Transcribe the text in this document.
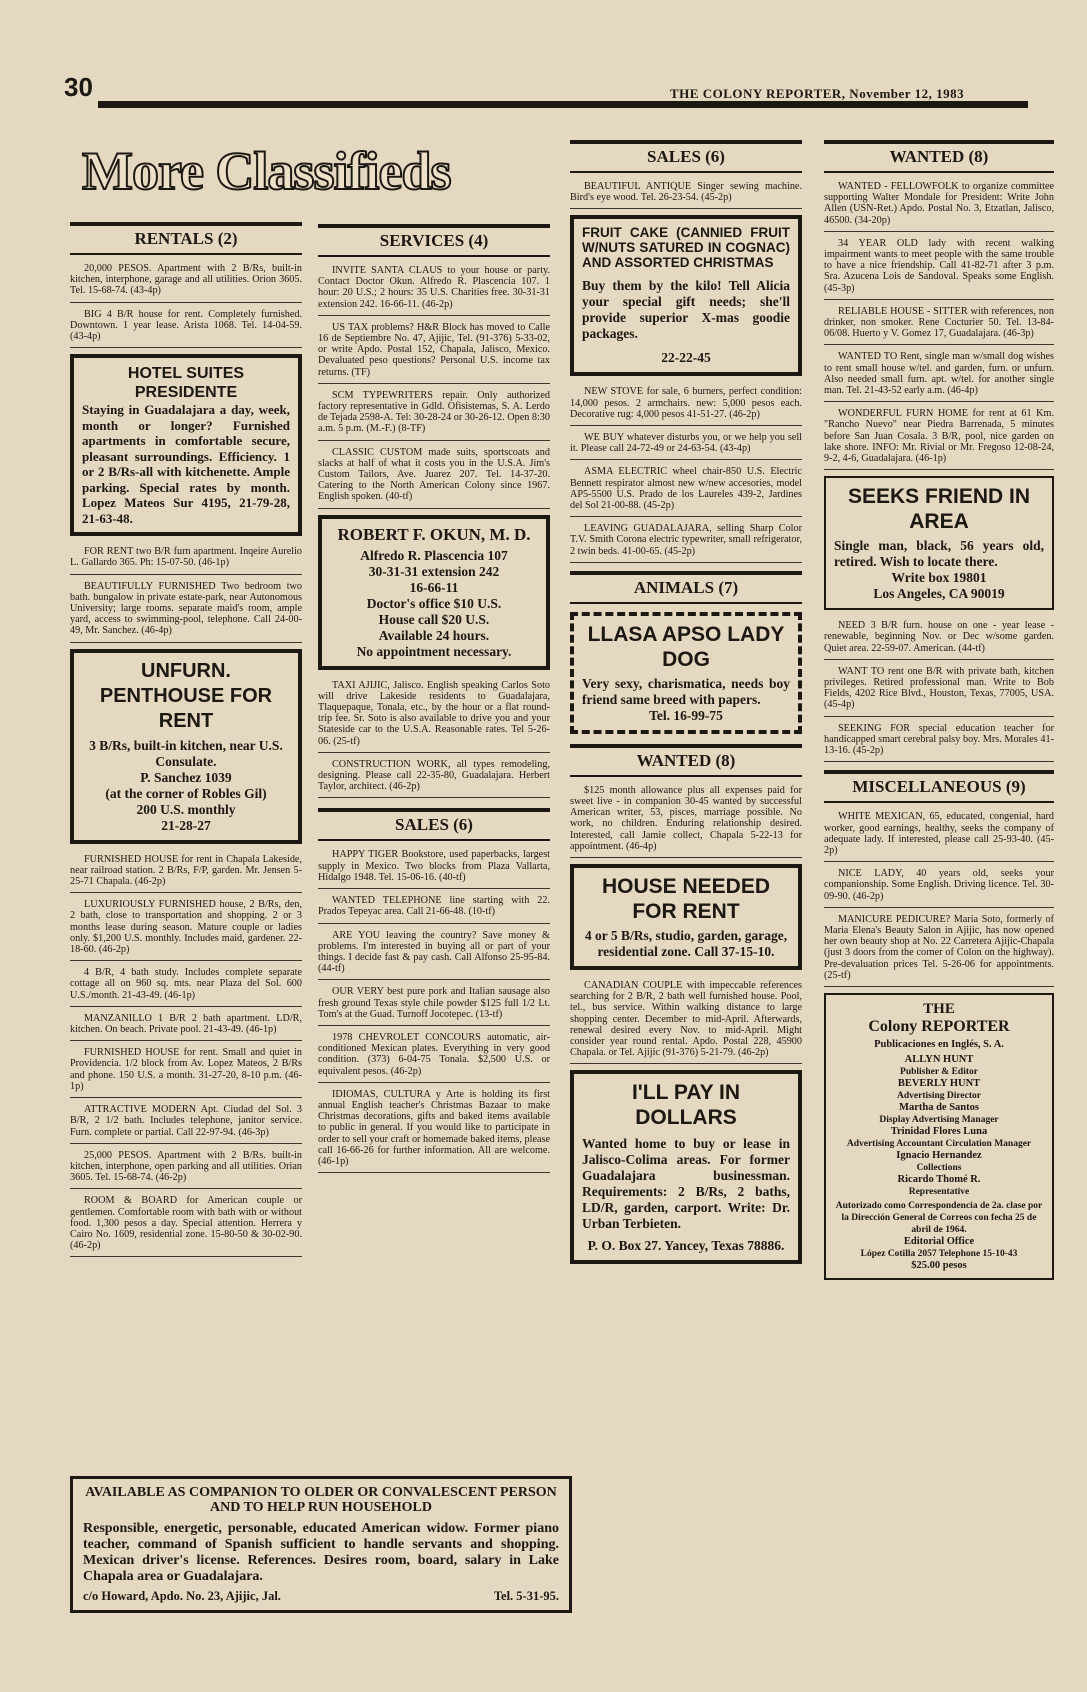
30	THE COLONY REPORTER, November 12, 1983
More Classifieds
RENTALS (2)
20,000 PESOS. Apartment with 2 B/Rs, built-in kitchen, interphone, garage and all utilities. Orion 3605. Tel. 15-68-74. (43-4p)
BIG 4 B/R house for rent. Completely furnished. Downtown. 1 year lease. Arista 1068. Tel. 14-04-59. (43-4p)
HOTEL SUITES PRESIDENTE
Staying in Guadalajara a day, week, month or longer? Furnished apartments in comfortable secure, pleasant surroundings. Efficiency. 1 or 2 B/Rs-all with kitchenette. Ample parking. Special rates by month. Lopez Mateos Sur 4195, 21-79-28, 21-63-48.
FOR RENT two B/R furn apartment. Inqeire Aurelio L. Gallardo 365. Ph: 15-07-50. (46-1p)
BEAUTIFULLY FURNISHED Two bedroom two bath. bungalow in private estate-park, near Autonomous University; large rooms. separate maid's room, ample yard, access to swimming-pool, telephone. Call 24-00-49, Mr. Sanchez. (46-4p)
UNFURN. PENTHOUSE FOR RENT
3 B/Rs, built-in kitchen, near U.S. Consulate.
P. Sanchez 1039
(at the corner of Robles Gil)
200 U.S. monthly
21-28-27
FURNISHED HOUSE for rent in Chapala Lakeside, near railroad station. 2 B/Rs, F/P, garden. Mr. Jensen 5-25-71 Chapala. (46-2p)
LUXURIOUSLY FURNISHED house, 2 B/Rs, den, 2 bath, close to transportation and shopping. 2 or 3 months lease during season. Mature couple or ladies only. $1,200 U.S. monthly. Includes maid, gardener. 22-18-60. (46-2p)
4 B/R, 4 bath study. Includes complete separate cottage all on 960 sq. mts. near Plaza del Sol. 600 U.S./month. 21-43-49. (46-1p)
MANZANILLO 1 B/R 2 bath apartment. LD/R, kitchen. On beach. Private pool. 21-43-49. (46-1p)
FURNISHED HOUSE for rent. Small and quiet in Providencia. 1/2 block from Av. Lopez Mateos, 2 B/Rs and phone. 150 U.S. a month. 31-27-20, 8-10 p.m. (46-1p)
ATTRACTIVE MODERN Apt. Ciudad del Sol. 3 B/R, 2 1/2 bath. Includes telephone, janitor service. Furn. complete or partial. Call 22-97-94. (46-3p)
25,000 PESOS. Apartment with 2 B/Rs. built-in kitchen, interphone, open parking and all utilities. Orian 3605. Tel. 15-68-74. (46-2p)
ROOM & BOARD for American couple or gentlemen. Comfortable room with bath with or without food. 1,300 pesos a day. Special attention. Herrera y Cairo No. 1609, residential zone. 15-80-50 & 30-02-90. (46-2p)
SERVICES (4)
INVITE SANTA CLAUS to your house or party. Contact Doctor Okun. Alfredo R. Plascencia 107. 1 hour: 20 U.S.; 2 hours: 35 U.S. Charities free. 30-31-31 extension 242. 16-66-11. (46-2p)
US TAX problems? H&R Block has moved to Calle 16 de Septiembre No. 47, Ajijic, Tel. (91-376) 5-33-02, or write Apdo. Postal 152, Chapala, Jalisco, Mexico. Devaluated peso questions? Personal U.S. income tax returns. (TF)
SCM TYPEWRITERS repair. Only authorized factory representative in Gdld. Ofisistemas, S. A. Lerdo de Tejada 2598-A. Tel: 30-28-24 or 30-26-12. Open 8:30 a.m. 5 p.m. (M.-F.) (8-TF)
CLASSIC CUSTOM made suits, sportscoats and slacks at half of what it costs you in the U.S.A. Jim's Custom Tailors, Ave. Juarez 207. Tel. 14-37-20. Catering to the North American Colony since 1967. English spoken. (40-tf)
ROBERT F. OKUN, M. D.
Alfredo R. Plascencia 107
30-31-31 extension 242
16-66-11
Doctor's office $10 U.S.
House call $20 U.S.
Available 24 hours.
No appointment necessary.
TAXI AJIJIC, Jalisco. English speaking Carlos Soto will drive Lakeside residents to Guadalajara, Tlaquepaque, Tonala, etc., by the hour or a flat round-trip fee. Sr. Soto is also available to drive you and your Stateside car to the U.S.A. Reasonable rates. Tel 5-26-06. (25-tf)
CONSTRUCTION WORK, all types remodeling, designing. Please call 22-35-80, Guadalajara. Herbert Taylor, architect. (46-2p)
SALES (6)
HAPPY TIGER Bookstore, used paperbacks, largest supply in Mexico. Two blocks from Plaza Vallarta, Hidalgo 1948. Tel. 15-06-16. (40-tf)
WANTED TELEPHONE line starting with 22. Prados Tepeyac area. Call 21-66-48. (10-tf)
ARE YOU leaving the country? Save money & problems. I'm interested in buying all or part of your things. I decide fast & pay cash. Call Alfonso 25-95-84. (44-tf)
OUR VERY best pure pork and Italian sausage also fresh ground Texas style chile powder $125 full 1/2 Lt. Tom's at the Guad. Turnoff Jocotepec. (13-tf)
1978 CHEVROLET CONCOURS automatic, air-conditioned Mexican plates. Everything in very good condition. (373) 6-04-75 Tonala. $2,500 U.S. or equivalent pesos. (46-2p)
IDIOMAS, CULTURA y Arte is holding its first annual English teacher's Christmas Bazaar to make Christmas decorations, gifts and baked items available to public in general. If you would like to participate in order to sell your craft or homemade baked items, please call 16-66-26 for further information. All are welcome. (46-1p)
SALES (6)
BEAUTIFUL ANTIQUE Singer sewing machine. Bird's eye wood. Tel. 26-23-54. (45-2p)
FRUIT CAKE (CANNIED FRUIT W/NUTS SATURED IN COGNAC) AND ASSORTED CHRISTMAS
Buy them by the kilo! Tell Alicia your special gift needs; she'll provide superior X-mas goodie packages.
22-22-45
NEW STOVE for sale, 6 burners, perfect condition: 14,000 pesos. 2 armchairs. new: 5,000 pesos each. Decorative rug: 4,000 pesos 41-51-27. (46-2p)
WE BUY whatever disturbs you, or we help you sell it. Please call 24-72-49 or 24-63-54. (43-4p)
ASMA ELECTRIC wheel chair-850 U.S. Electric Bennett respirator almost new w/new accesories, model AP5-5500 U.S. Prado de los Laureles 439-2, Jardines del Sol 21-00-88. (45-2p)
LEAVING GUADALAJARA, selling Sharp Color T.V. Smith Corona electric typewriter, small refrigerator, 2 twin beds. 41-00-65. (45-2p)
ANIMALS (7)
LLASA APSO LADY DOG
Very sexy, charismatica, needs boy friend same breed with papers.
Tel. 16-99-75
WANTED (8)
$125 month allowance plus all expenses paid for sweet live - in companion 30-45 wanted by successful American writer, 53, pisces, marriage possible. No work, no children. Enduring relationship desired. Interested, call Jamie collect, Chapala 5-22-13 for appointment. (46-4p)
HOUSE NEEDED FOR RENT
4 or 5 B/Rs, studio, garden, garage, residential zone. Call 37-15-10.
CANADIAN COUPLE with impeccable references searching for 2 B/R, 2 bath well furnished house. Pool, tel., bus service. Within walking distance to large shopping center. December to mid-April. Afterwards, renewal desired every Nov. to mid-April. Might consider year round rental. Apdo. Postal 228, 45900 Chapala. or Tel. Ajijic (91-376) 5-21-79. (46-2p)
I'LL PAY IN DOLLARS
Wanted home to buy or lease in Jalisco-Colima areas. For former Guadalajara businessman. Requirements: 2 B/Rs, 2 baths, LD/R, garden, carport. Write: Dr. Urban Terbieten.
P. O. Box 27. Yancey, Texas 78886.
WANTED (8)
WANTED - FELLOWFOLK to organize committee supporting Walter Mondale for President: Write John Allen (USN-Ret.) Apdo. Postal No. 3, Etzatlan, Jalisco, 46500. (34-20p)
34 YEAR OLD lady with recent walking impairment wants to meet people with the same trouble to have a nice friendship. Call 41-82-71 after 3 p.m. Sra. Azucena Lois de Sandoval. Speaks some English. (45-3p)
RELIABLE HOUSE - SITTER with references, non drinker, non smoker. Rene Cocturier 50. Tel. 13-84-06/08. Huerto y V. Gomez 17, Guadalajara. (46-3p)
WANTED TO Rent, single man w/small dog wishes to rent small house w/tel. and garden, furn. or unfurn. Also needed small furn. apt. w/tel. for another single man. Tel. 21-43-52 early a.m. (46-4p)
WONDERFUL FURN HOME for rent at 61 Km. "Rancho Nuevo" near Piedra Barrenada, 5 minutes before San Juan Cosala. 3 B/R, pool, nice garden on lake shore. INFO: Mr. Rivial or Mr. Fregoso 12-08-24, 9-2, 4-6, Guadalajara. (46-1p)
SEEKS FRIEND IN AREA
Single man, black, 56 years old, retired. Wish to locate there.
Write box 19801
Los Angeles, CA 90019
NEED 3 B/R furn. house on one - year lease - renewable, beginning Nov. or Dec w/some garden. Quiet area. 22-59-07. American. (44-tf)
WANT TO rent one B/R with private bath, kitchen privileges. Retired professional man. Write to Bob Fields, 4202 Rice Blvd., Houston, Texas, 77005, USA. (45-4p)
SEEKING FOR special education teacher for handicapped smart cerebral palsy boy. Mrs. Morales 41-13-16. (45-2p)
MISCELLANEOUS (9)
WHITE MEXICAN, 65, educated, congenial, hard worker, good earnings, healthy, seeks the company of adequate lady. If interested, please call 25-93-40. (45-2p)
NICE LADY, 40 years old, seeks your companionship. Some English. Driving licence. Tel. 30-09-90. (46-2p)
MANICURE PEDICURE? Maria Soto, formerly of Maria Elena's Beauty Salon in Ajijic, has now opened her own beauty shop at No. 22 Carretera Ajijic-Chapala (just 3 doors from the corner of Colon on the highway). Pre-devaluation prices Tel. 5-26-06 for appointments. (25-tf)
THE
Colony REPORTER
Publicaciones en Inglés, S. A.
ALLYN HUNT
Publisher & Editor
BEVERLY HUNT
Advertising Director
Martha de Santos
Display Advertising Manager
Trinidad Flores Luna
Advertising Accountant Circulation Manager
Ignacio Hernandez
Collections
Ricardo Thomé R.
Representative
Autorizado como Correspondencia de 2a. clase por la Dirección General de Correos con fecha 25 de abril de 1964.
Editorial Office
López Cotilla 2057 Telephone 15-10-43
$25.00 pesos
AVAILABLE AS COMPANION TO OLDER OR CONVALESCENT PERSON AND TO HELP RUN HOUSEHOLD
Responsible, energetic, personable, educated American widow. Former piano teacher, command of Spanish sufficient to handle servants and shopping. Mexican driver's license. References. Desires room, board, salary in Lake Chapala area or Guadalajara.
c/o Howard, Apdo. No. 23, Ajijic, Jal.	Tel. 5-31-95.
